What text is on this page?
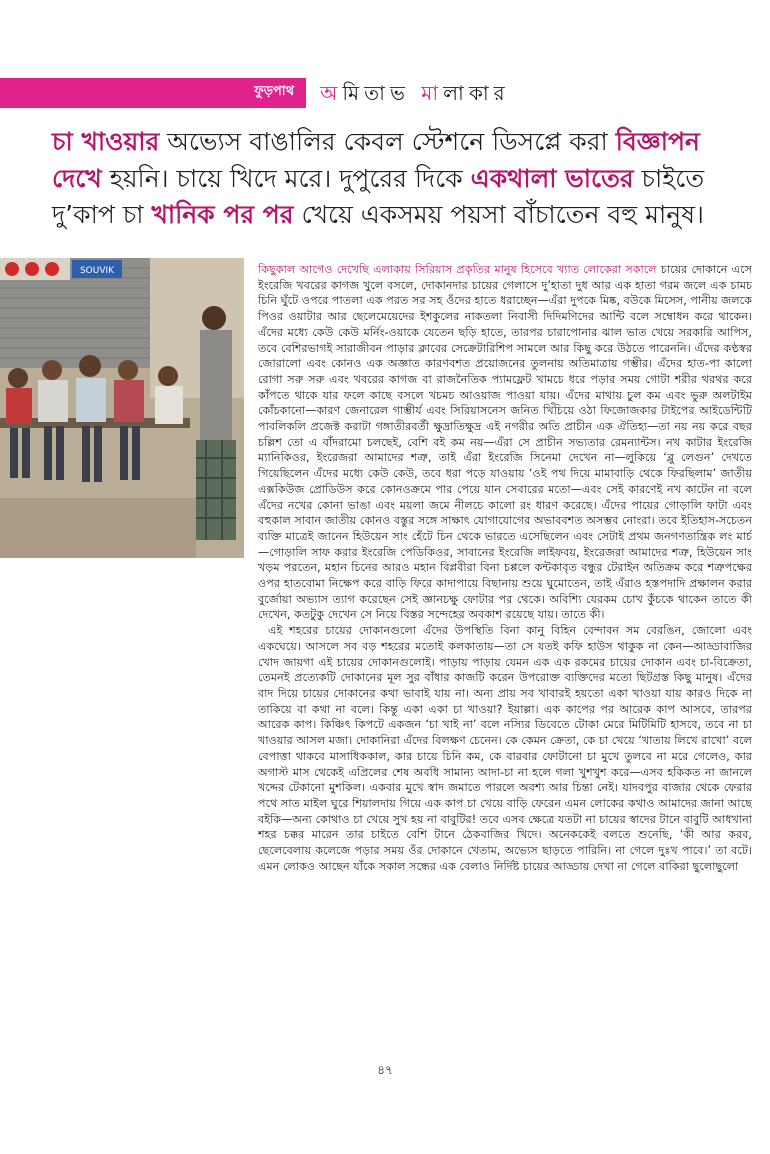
ফুড়পাথ অমিতাভ মালাকার

চা খাওয়ার অভ্যেস বাঙালির কেবল স্টেশনে ডিসপ্লে করা বিজ্ঞাপন দেখে হয়নি। চায়ে খিদে মরে। দুপুরের দিকে একথালা ভাতের চাইতে দু’কাপ চা খানিক পর পর খেয়ে একসময় পয়সা বাঁচাতেন বহু মানুষ।

SOUVIK	কিছুকাল আগেও দেখেছি এলাকায় সিরিয়াস প্রকৃতির মানুষ হিসেবে খ্যাত লোকেরা সকালে চায়ের দোকানে এসে ইংরেজি খবরের কাগজ খুলে বসলে, দোকানদার চায়ের গেলাসে দু’হাতা দুধ আর এক হাতা গরম জলে এক চামচ চিনি ঘুঁটে ওপরে পাতলা এক পরত সর সহ ওঁদের হাতে ধরাচ্ছেন—এঁরা দুপকে মিষ্ক, বউকে মিসেস, পানীয় জলকে পিওর ওয়াটার আর ছেলেমেয়েদের ইশকুলের নাকতলা নিবাসী দিদিমণিদের আন্টি বলে সম্বোধন করে থাকেন। এঁদের মধ্যে কেউ কেউ মর্নিং-ওয়াকে যেতেন ছড়ি হাতে, তারপর চারাপোনার ঝাল ভাত খেয়ে সরকারি আপিস, তবে বেশিরভাগই সারাজীবন পাড়ার ক্লাবের সেক্রেটারিশিপ সামলে আর কিছু করে উঠতে পারেননি। এঁদের কণ্ঠস্বর জোরালো এবং কোনও এক অজ্ঞাত কারণবশত প্রয়োজনের তুলনায় অতিমাত্রায় গম্ভীর। এঁদের হাত-পা কালো রোগা সরু সরু এবং খবরের কাগজ বা রাজনৈতিক প্যামফ্লেট খামচে ধরে পড়ার সময় গোটা শরীর থরথর করে কাঁপতে থাকে যার ফলে কাছে বসলে খচমচ আওয়াজ পাওয়া যায়। এঁদের মাথায় চুল কম এবং ভুরু অলটাইম কোঁচকানো—কারণ জেনারেল গাম্ভীর্য এবং সিরিয়াসনেস জনিত খিঁচিয়ে ওঠা ফিজোজকার টাইপের আইডেন্টিটি পাবলিকলি প্রজেক্ট করাটা গঙ্গাতীরবর্তী ক্ষুদ্রাতিক্ষুদ্র এই নগরীর অতি প্রাচীন এক ঐতিহ্য—তা নয় নয় করে বছর চল্লিশ তো এ বাঁদরামো চলছেই, বেশি বই কম নয়—এঁরা সে প্রাচীন সভ্যতার রেমন্যান্টস। নখ কাটার ইংরেজি ম্যানিকিওর, ইংরেজরা আমাদের শত্রু, তাই এঁরা ইংরেজি সিনেমা দেখেন না—লুকিয়ে ‘ব্লু লেগুন’ দেখতে গিয়েছিলেন এঁদের মধ্যে কেউ কেউ, তবে ধরা পড়ে যাওয়ায় ‘ওই পথ দিয়ে মামাবাড়ি থেকে ফিরছিলাম’ জাতীয় এক্সকিউজ প্রোডিউস করে কোনওক্রমে পার পেয়ে যান সেবারের মতো—এবং সেই কারণেই নখ কাটেন না বলে এঁদের নখের কোনা ভাঙা এবং ময়লা জমে নীলচে কালো রং ধারণ করেছে। এঁদের পায়ের গোড়ালি ফাটা এবং বহুকাল সাবান জাতীয় কোনও বস্তুর সঙ্গে সাক্ষাৎ যোগাযোগের অভাববশত অসম্ভব নোংরা। তবে ইতিহাস-সচেতন ব্যক্তি মাত্রেই জানেন হিউয়েন সাং হেঁটে চিন থেকে ভারতে এসেছিলেন এবং সেটাই প্রথম জনগণতান্ত্রিক লং মার্চ—গোড়ালি সাফ করার ইংরেজি পেডিকিওর, সাবানের ইংরেজি লাইফবয়, ইংরেজরা আমাদের শত্রু, হিউয়েন সাং খড়ম পরতেন, মহান চিনের আরও মহান বিপ্লবীরা বিনা চপ্পলে কন্টকাবৃত বন্ধুর টেরাইন অতিক্রম করে শত্রুপক্ষের ওপর হাতবোমা নিক্ষেপ করে বাড়ি ফিরে কাদাপায়ে বিছানায় শুয়ে ঘুমোতেন, তাই এঁরাও হস্তপদাদি প্রক্ষালন করার বুর্জোয়া অভ্যাস ত্যাগ করেছেন সেই জ্ঞানচক্ষু ফোটার পর থেকে। অবিশ্যি যেরকম চোখ কুঁচকে থাকেন তাতে কী দেখেন, কতটুকু দেখেন সে নিয়ে বিস্তর সন্দেহের অবকাশ রয়েছে যায়। তাতে কী।

এই শহরের চায়ের দোকানগুলো এঁদের উপস্থিতি বিনা কানু বিহিন বেন্দাবন সম বেরঙিন, জোলো এবং একঘেয়ে। আসলে সব বড় শহরের মতোই কলকাতায়—তা সে যতই কফি হাউস থাকুক না কেন—আড্ডাবাজির খোদ জায়গা এই চায়ের দোকানগুলোই। পাড়ায় পাড়ায় যেমন এক এক রকমের চায়ের দোকান এবং চা-বিক্রেতা, তেমনই প্রত্যেকটি দোকানের মূল সুর বাঁধার কাজটি করেন উপরোক্ত ব্যক্তিদের মতো ছিটগ্রস্ত কিছু মানুষ। এঁদের বাদ দিয়ে চায়ের দোকানের কথা ভাবাই যায় না। অন্য প্রায় সব খাবারই হয়তো একা খাওয়া যায় কারও দিকে না তাকিয়ে বা কথা না বলে। কিন্তু একা একা চা খাওয়া? ইয়াল্লা। এক কাপের পর আরেক কাপ আসবে, তারপর আরেক কাপ। কিঞ্চিৎ কিপটে একজন ‘চা খাই না’ বলে নস্যির ডিবেতে টোকা মেরে মিটিমিটি হাসবে, তবে না চা খাওয়ার আসল মজা। দোকানিরা এঁদের বিলক্ষণ চেনেন। কে কেমন ক্রেতা, কে চা খেয়ে ‘খাতায় লিখে রাখো’ বলে বেপাত্তা থাকবে মাসাধিককাল, কার চায়ে চিনি কম, কে বারবার ফোটানো চা মুখে তুলবে না মরে গেলেও, কার অগাস্ট মাস থেকেই এপ্রিলের শেষ অবধি সামান্য আদা-চা না হলে গলা খুশখুশ করে—এসব হকিকত না জানলে খদ্দের টেকানো মুশকিল। একবার মুখে স্বাদ জমাতে পারলে অবশ্য আর চিন্তা নেই। যাদবপুর বাজার থেকে ফেরার পথে সাত মাইল ঘুরে শিয়ালদায় গিয়ে এক কাপ চা খেয়ে বাড়ি ফেরেন এমন লোকের কথাও আমাদের জানা আছে বইকি—অন্য কোথাও চা খেয়ে সুখ হয় না বাবুটির! তবে এসব ক্ষেত্রে যতটা না চায়ের স্বাদের টানে বাবুটি আধখানা শহর চক্কর মারেন তার চাইতে বেশি টানে ঠেকবাজির খিদে। অনেককেই বলতে শুনেছি, ‘কী আর করব, ছেলেবেলায় কলেজে পড়ার সময় ওঁর দোকানে খেতাম, অভ্যেস ছাড়তে পারিনি। না গেলে দুঃখ পাবে।’ তা বটে। এমন লোকও আছেন যাঁকে সকাল সন্ধের এক বেলাও নির্দিষ্ট চায়ের আড্ডায় দেখা না গেলে বাকিরা ছুলোছুলো

৪৭
